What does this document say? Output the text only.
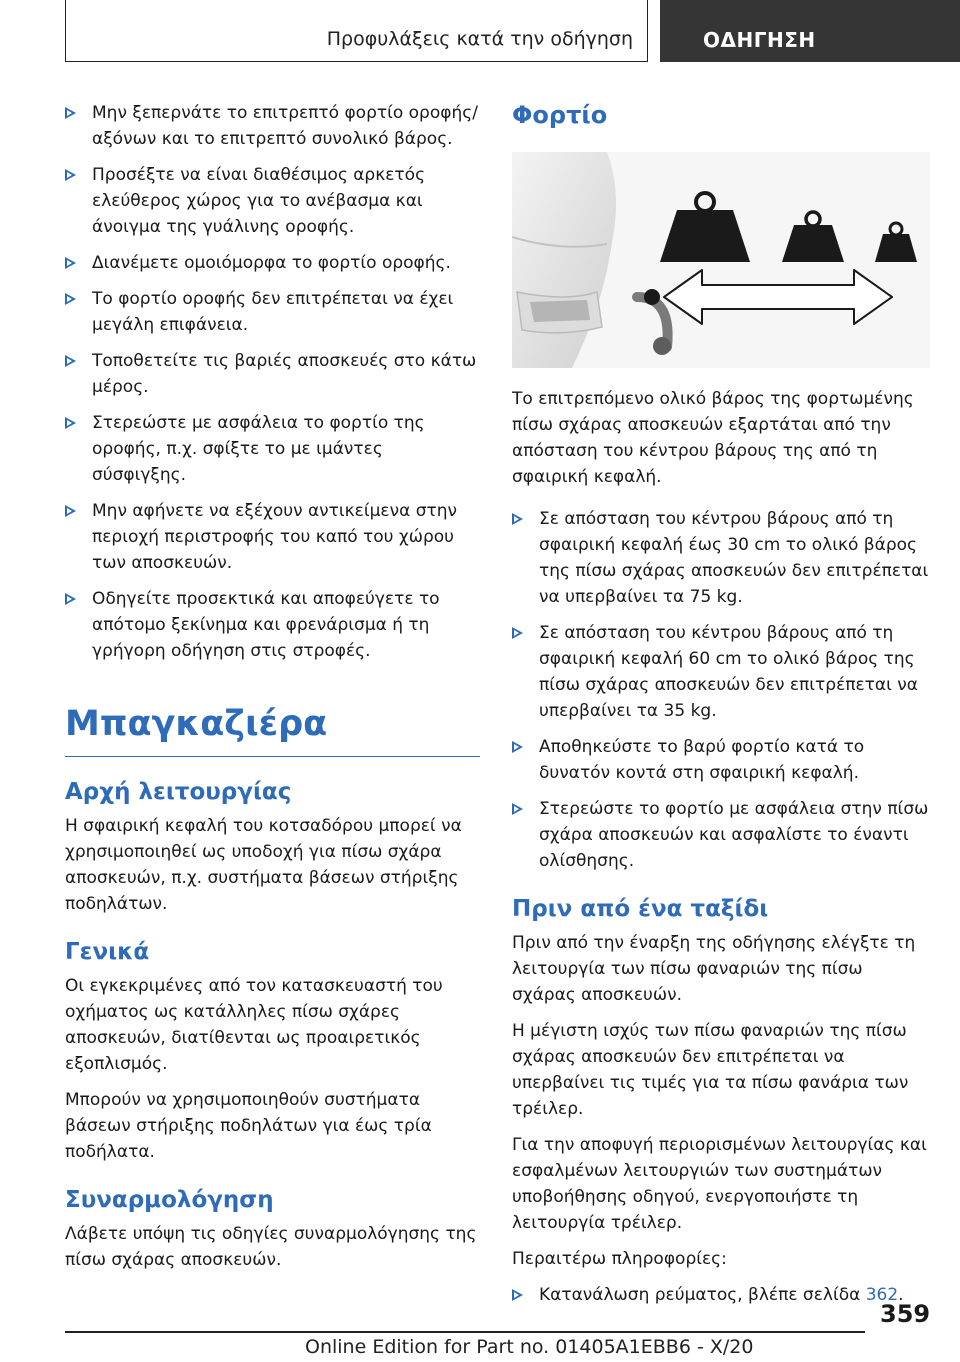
Προφυλάξεις κατά την οδήγηση	ΟΔΗΓΗΣΗ
Μην ξεπερνάτε το επιτρεπτό φορτίο οροφής/αξόνων και το επιτρεπτό συνολικό βάρος.
Προσέξτε να είναι διαθέσιμος αρκετός ελεύθερος χώρος για το ανέβασμα και άνοιγμα της γυάλινης οροφής.
Διανέμετε ομοιόμορφα το φορτίο οροφής.
Το φορτίο οροφής δεν επιτρέπεται να έχει μεγάλη επιφάνεια.
Τοποθετείτε τις βαριές αποσκευές στο κάτω μέρος.
Στερεώστε με ασφάλεια το φορτίο της οροφής, π.χ. σφίξτε το με ιμάντες σύσφιγξης.
Μην αφήνετε να εξέχουν αντικείμενα στην περιοχή περιστροφής του καπό του χώρου των αποσκευών.
Οδηγείτε προσεκτικά και αποφεύγετε το απότομο ξεκίνημα και φρενάρισμα ή τη γρήγορη οδήγηση στις στροφές.
Μπαγκαζιέρα
Αρχή λειτουργίας

Η σφαιρική κεφαλή του κοτσαδόρου μπορεί να χρησιμοποιηθεί ως υποδοχή για πίσω σχάρα αποσκευών, π.χ. συστήματα βάσεων στήριξης ποδηλάτων.

Γενικά

Οι εγκεκριμένες από τον κατασκευαστή του οχήματος ως κατάλληλες πίσω σχάρες αποσκευών, διατίθενται ως προαιρετικός εξοπλισμός.

Μπορούν να χρησιμοποιηθούν συστήματα βάσεων στήριξης ποδηλάτων για έως τρία ποδήλατα.

Συναρμολόγηση

Λάβετε υπόψη τις οδηγίες συναρμολόγησης της πίσω σχάρας αποσκευών.

Φορτίο

Το επιτρεπόμενο ολικό βάρος της φορτωμένης πίσω σχάρας αποσκευών εξαρτάται από την απόσταση του κέντρου βάρους της από τη σφαιρική κεφαλή.

Σε απόσταση του κέντρου βάρους από τη σφαιρική κεφαλή έως 30 cm το ολικό βάρος της πίσω σχάρας αποσκευών δεν επιτρέπεται να υπερβαίνει τα 75 kg.
Σε απόσταση του κέντρου βάρους από τη σφαιρική κεφαλή 60 cm το ολικό βάρος της πίσω σχάρας αποσκευών δεν επιτρέπεται να υπερβαίνει τα 35 kg.
Αποθηκεύστε το βαρύ φορτίο κατά το δυνατόν κοντά στη σφαιρική κεφαλή.
Στερεώστε το φορτίο με ασφάλεια στην πίσω σχάρα αποσκευών και ασφαλίστε το έναντι ολίσθησης.
Πριν από ένα ταξίδι

Πριν από την έναρξη της οδήγησης ελέγξτε τη λειτουργία των πίσω φαναριών της πίσω σχάρας αποσκευών.

Η μέγιστη ισχύς των πίσω φαναριών της πίσω σχάρας αποσκευών δεν επιτρέπεται να υπερβαίνει τις τιμές για τα πίσω φανάρια των τρέιλερ.

Για την αποφυγή περιορισμένων λειτουργίας και εσφαλμένων λειτουργιών των συστημάτων υποβοήθησης οδηγού, ενεργοποιήστε τη λειτουργία τρέιλερ.

Περαιτέρω πληροφορίες:

Κατανάλωση ρεύματος, βλέπε σελίδα 362.
359
Online Edition for Part no. 01405A1EBB6 - X/20
